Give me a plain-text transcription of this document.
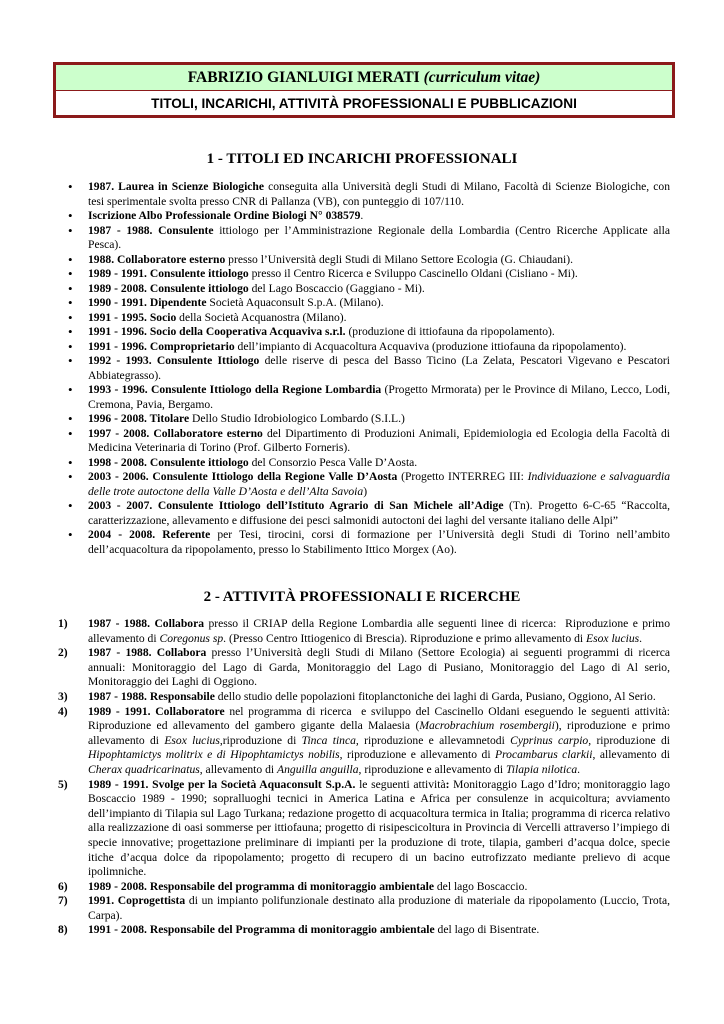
FABRIZIO GIANLUIGI MERATI (curriculum vitae)
TITOLI, INCARICHI, ATTIVITÀ PROFESSIONALI E PUBBLICAZIONI
1 - TITOLI ED INCARICHI PROFESSIONALI
• 1987. Laurea in Scienze Biologiche conseguita alla Università degli Studi di Milano, Facoltà di Scienze Biologiche, con tesi sperimentale svolta presso CNR di Pallanza (VB), con punteggio di 107/110.
• Iscrizione Albo Professionale Ordine Biologi N° 038579.
• 1987 - 1988. Consulente ittiologo per l’Amministrazione Regionale della Lombardia (Centro Ricerche Applicate alla Pesca).
• 1988. Collaboratore esterno presso l’Università degli Studi di Milano Settore Ecologia (G. Chiaudani).
• 1989 - 1991. Consulente ittiologo presso il Centro Ricerca e Sviluppo Cascinello Oldani (Cisliano - Mi).
• 1989 - 2008. Consulente ittiologo del Lago Boscaccio (Gaggiano - Mi).
• 1990 - 1991. Dipendente Società Aquaconsult S.p.A. (Milano).
• 1991 - 1995. Socio della Società Acquanostra (Milano).
• 1991 - 1996. Socio della Cooperativa Acquaviva s.r.l. (produzione di ittiofauna da ripopolamento).
• 1991 - 1996. Comproprietario dell’impianto di Acquacoltura Acquaviva (produzione ittiofauna da ripopolamento).
• 1992 - 1993. Consulente Ittiologo delle riserve di pesca del Basso Ticino (La Zelata, Pescatori Vigevano e Pescatori Abbiategrasso).
• 1993 - 1996. Consulente Ittiologo della Regione Lombardia (Progetto Mrmorata) per le Province di Milano, Lecco, Lodi, Cremona, Pavia, Bergamo.
• 1996 - 2008. Titolare Dello Studio Idrobiologico Lombardo (S.I.L.)
• 1997 - 2008. Collaboratore esterno del Dipartimento di Produzioni Animali, Epidemiologia ed Ecologia della Facoltà di Medicina Veterinaria di Torino (Prof. Gilberto Forneris).
• 1998 - 2008. Consulente ittiologo del Consorzio Pesca Valle D’Aosta.
• 2003 - 2006. Consulente Ittiologo della Regione Valle D’Aosta (Progetto INTERREG III: Individuazione e salvaguardia delle trote autoctone della Valle D’Aosta e dell’Alta Savoia)
• 2003 - 2007. Consulente Ittiologo dell’Istituto Agrario di San Michele all’Adige (Tn). Progetto 6-C-65 “Raccolta, caratterizzazione, allevamento e diffusione dei pesci salmonidi autoctoni dei laghi del versante italiano delle Alpi”
• 2004 - 2008. Referente per Tesi, tirocini, corsi di formazione per l’Università degli Studi di Torino nell’ambito dell’acquacoltura da ripopolamento, presso lo Stabilimento Ittico Morgex (Ao).
2 - ATTIVITÀ PROFESSIONALI E RICERCHE
1) 1987 - 1988. Collabora presso il CRIAP della Regione Lombardia alle seguenti linee di ricerca:  Riproduzione e primo allevamento di Coregonus sp. (Presso Centro Ittiogenico di Brescia). Riproduzione e primo allevamento di Esox lucius.
2) 1987 - 1988. Collabora presso l’Università degli Studi di Milano (Settore Ecologia) ai seguenti programmi di ricerca annuali: Monitoraggio del Lago di Garda, Monitoraggio del Lago di Pusiano, Monitoraggio del Lago di Al serio, Monitoraggio dei Laghi di Oggiono.
3) 1987 - 1988. Responsabile dello studio delle popolazioni fitoplanctoniche dei laghi di Garda, Pusiano, Oggiono, Al Serio.
4) 1989 - 1991. Collaboratore nel programma di ricerca  e sviluppo del Cascinello Oldani eseguendo le seguenti attività: Riproduzione ed allevamento del gambero gigante della Malaesia (Macrobrachium rosembergii), riproduzione e primo allevamento di Esox lucius,riproduzione di Tinca tinca, riproduzione e allevamnetodi Cyprinus carpio, riproduzione di Hipophtamictys molitrix e di Hipophtamictys nobilis, riproduzione e allevamento di Procambarus clarkii, allevamento di Cherax quadricarinatus, allevamento di Anguilla anguilla, riproduzione e allevamento di Tilapia nilotica.
5) 1989 - 1991. Svolge per la Società Aquaconsult S.p.A. le seguenti attività: Monitoraggio Lago d’Idro; monitoraggio lago Boscaccio 1989 - 1990; sopralluoghi tecnici in America Latina e Africa per consulenze in acquicoltura; avviamento dell’impianto di Tilapia sul Lago Turkana; redazione progetto di acquacoltura termica in Italia; programma di ricerca relativo alla realizzazione di oasi sommerse per ittiofauna; progetto di risipescicoltura in Provincia di Vercelli attraverso l’impiego di specie innovative; progettazione preliminare di impianti per la produzione di trote, tilapia, gamberi d’acqua dolce, specie itiche d’acqua dolce da ripopolamento; progetto di recupero di un bacino eutrofizzato mediante prelievo di acque ipolimniche.
6) 1989 - 2008. Responsabile del programma di monitoraggio ambientale del lago Boscaccio.
7) 1991. Coprogettista di un impianto polifunzionale destinato alla produzione di materiale da ripopolamento (Luccio, Trota, Carpa).
8) 1991 - 2008. Responsabile del Programma di monitoraggio ambientale del lago di Bisentrate.
